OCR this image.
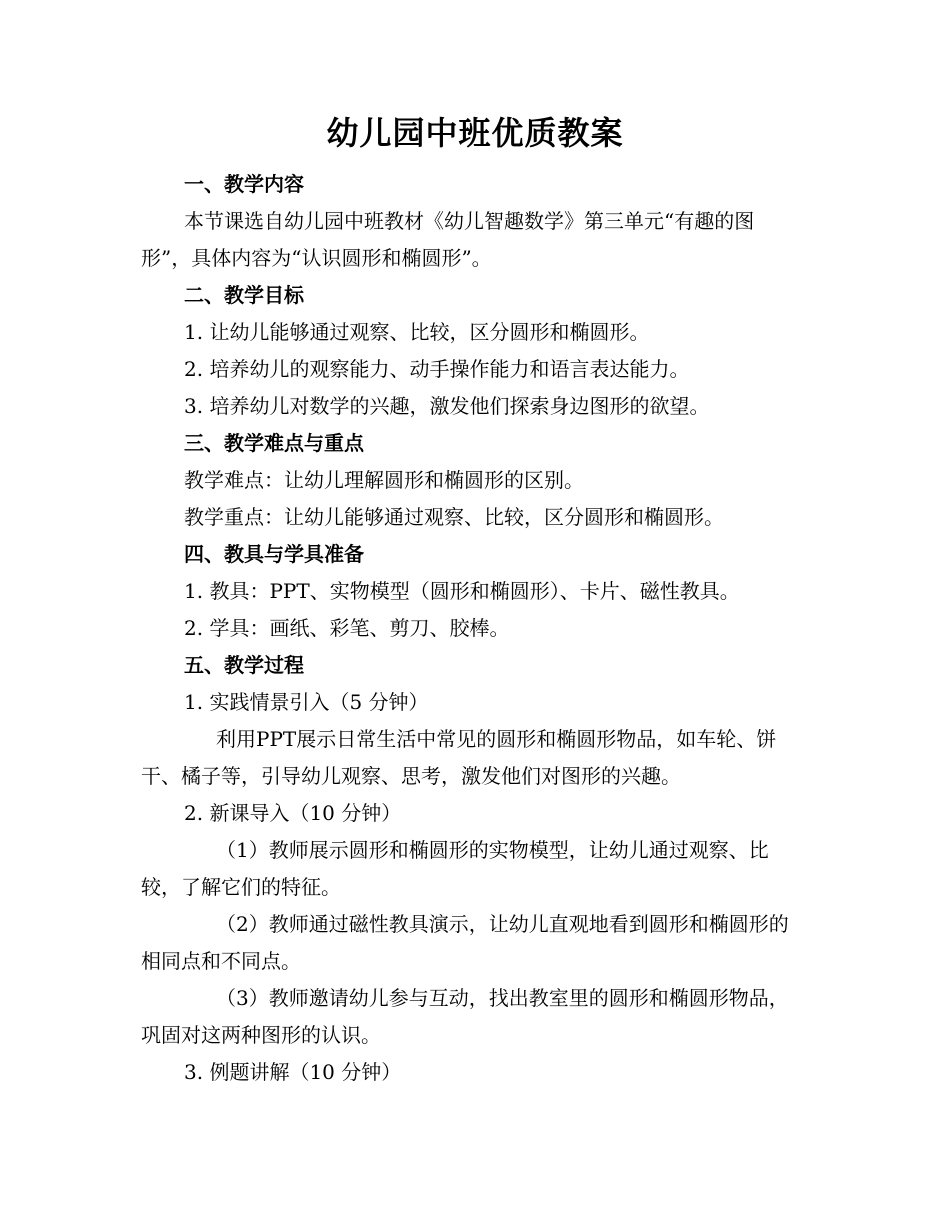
幼儿园中班优质教案

一、教学内容

本节课选自幼儿园中班教材《幼儿智趣数学》第三单元“有趣的图形”，具体内容为“认识圆形和椭圆形”。

二、教学目标

1. 让幼儿能够通过观察、比较，区分圆形和椭圆形。

2. 培养幼儿的观察能力、动手操作能力和语言表达能力。

3. 培养幼儿对数学的兴趣，激发他们探索身边图形的欲望。

三、教学难点与重点

教学难点：让幼儿理解圆形和椭圆形的区别。

教学重点：让幼儿能够通过观察、比较，区分圆形和椭圆形。

四、教具与学具准备

1. 教具：PPT、实物模型（圆形和椭圆形）、卡片、磁性教具。

2. 学具：画纸、彩笔、剪刀、胶棒。

五、教学过程

1. 实践情景引入（5 分钟）

利用PPT展示日常生活中常见的圆形和椭圆形物品，如车轮、饼干、橘子等，引导幼儿观察、思考，激发他们对图形的兴趣。

2. 新课导入（10 分钟）

（1）教师展示圆形和椭圆形的实物模型，让幼儿通过观察、比较，了解它们的特征。

（2）教师通过磁性教具演示，让幼儿直观地看到圆形和椭圆形的相同点和不同点。

（3）教师邀请幼儿参与互动，找出教室里的圆形和椭圆形物品，巩固对这两种图形的认识。

3. 例题讲解（10 分钟）
